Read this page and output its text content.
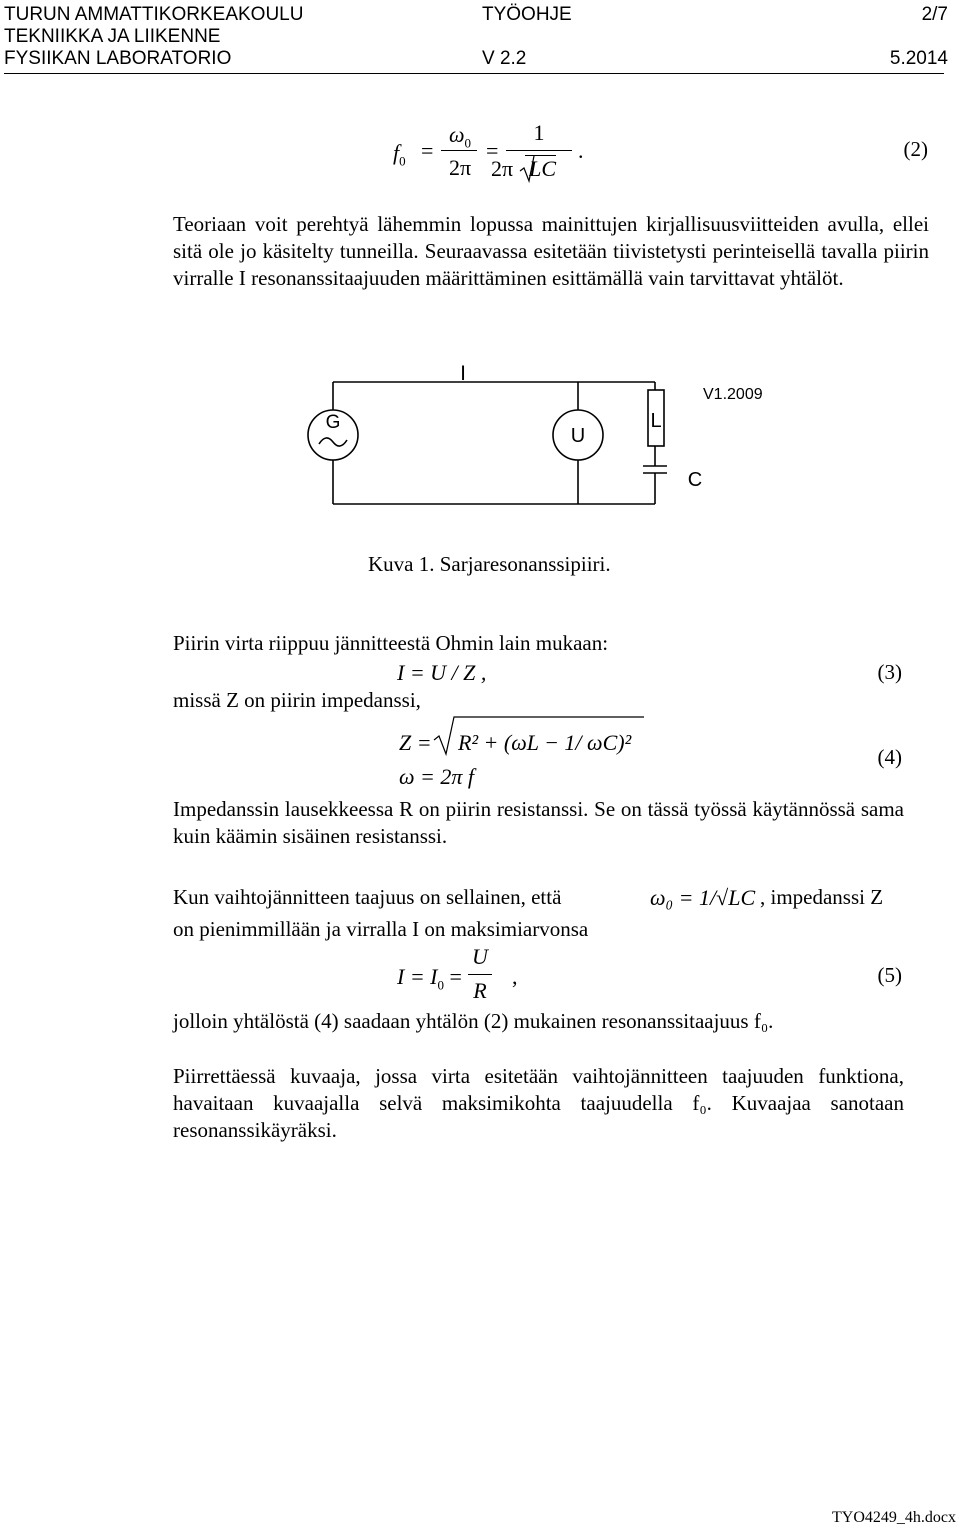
TURUN AMMATTIKORKEAKOULU
TEKNIIKKA JA LIIKENNE
FYSIIKAN LABORATORIO
TYÖOHJE
V 2.2
2/7
5.2014
$f_0$ =
$\omega_0$
2π
=
1
2π LC
.	(2)
Teoriaan voit perehtyä lähemmin lopussa mainittujen kirjallisuusviitteiden avulla, ellei sitä ole jo käsitelty tunneilla. Seuraavassa esitetään tiivistetysti perinteisellä tavalla piirin virralle I resonanssitaajuuden määrittäminen esittämällä vain tarvittavat yhtälöt.
I
G
U
L
C
V1.2009
Kuva 1. Sarjaresonanssipiiri.
Piirin virta riippuu jännitteestä Ohmin lain mukaan:
I = U / Z ,	(3)
missä Z on piirin impedanssi,
Z = R² + (ωL − 1/ ωC)²
ω = 2π f
(4)
Impedanssin lausekkeessa R on piirin resistanssi. Se on tässä työssä käytännössä sama kuin käämin sisäinen resistanssi.
Kun vaihtojännitteen taajuus on sellainen, että	ω₀ = 1/√LC , impedanssi Z
on pienimmillään ja virralla I on maksimiarvonsa
$I = I_0$ =
U
R
,	(5)
jolloin yhtälöstä (4) saadaan yhtälön (2) mukainen resonanssitaajuus f₀.
Piirrettäessä kuvaaja, jossa virta esitetään vaihtojännitteen taajuuden funktiona, havaitaan kuvaajalla selvä maksimikohta taajuudella f₀. Kuvaajaa sanotaan resonanssikäyräksi.
TYO4249_4h.docx
